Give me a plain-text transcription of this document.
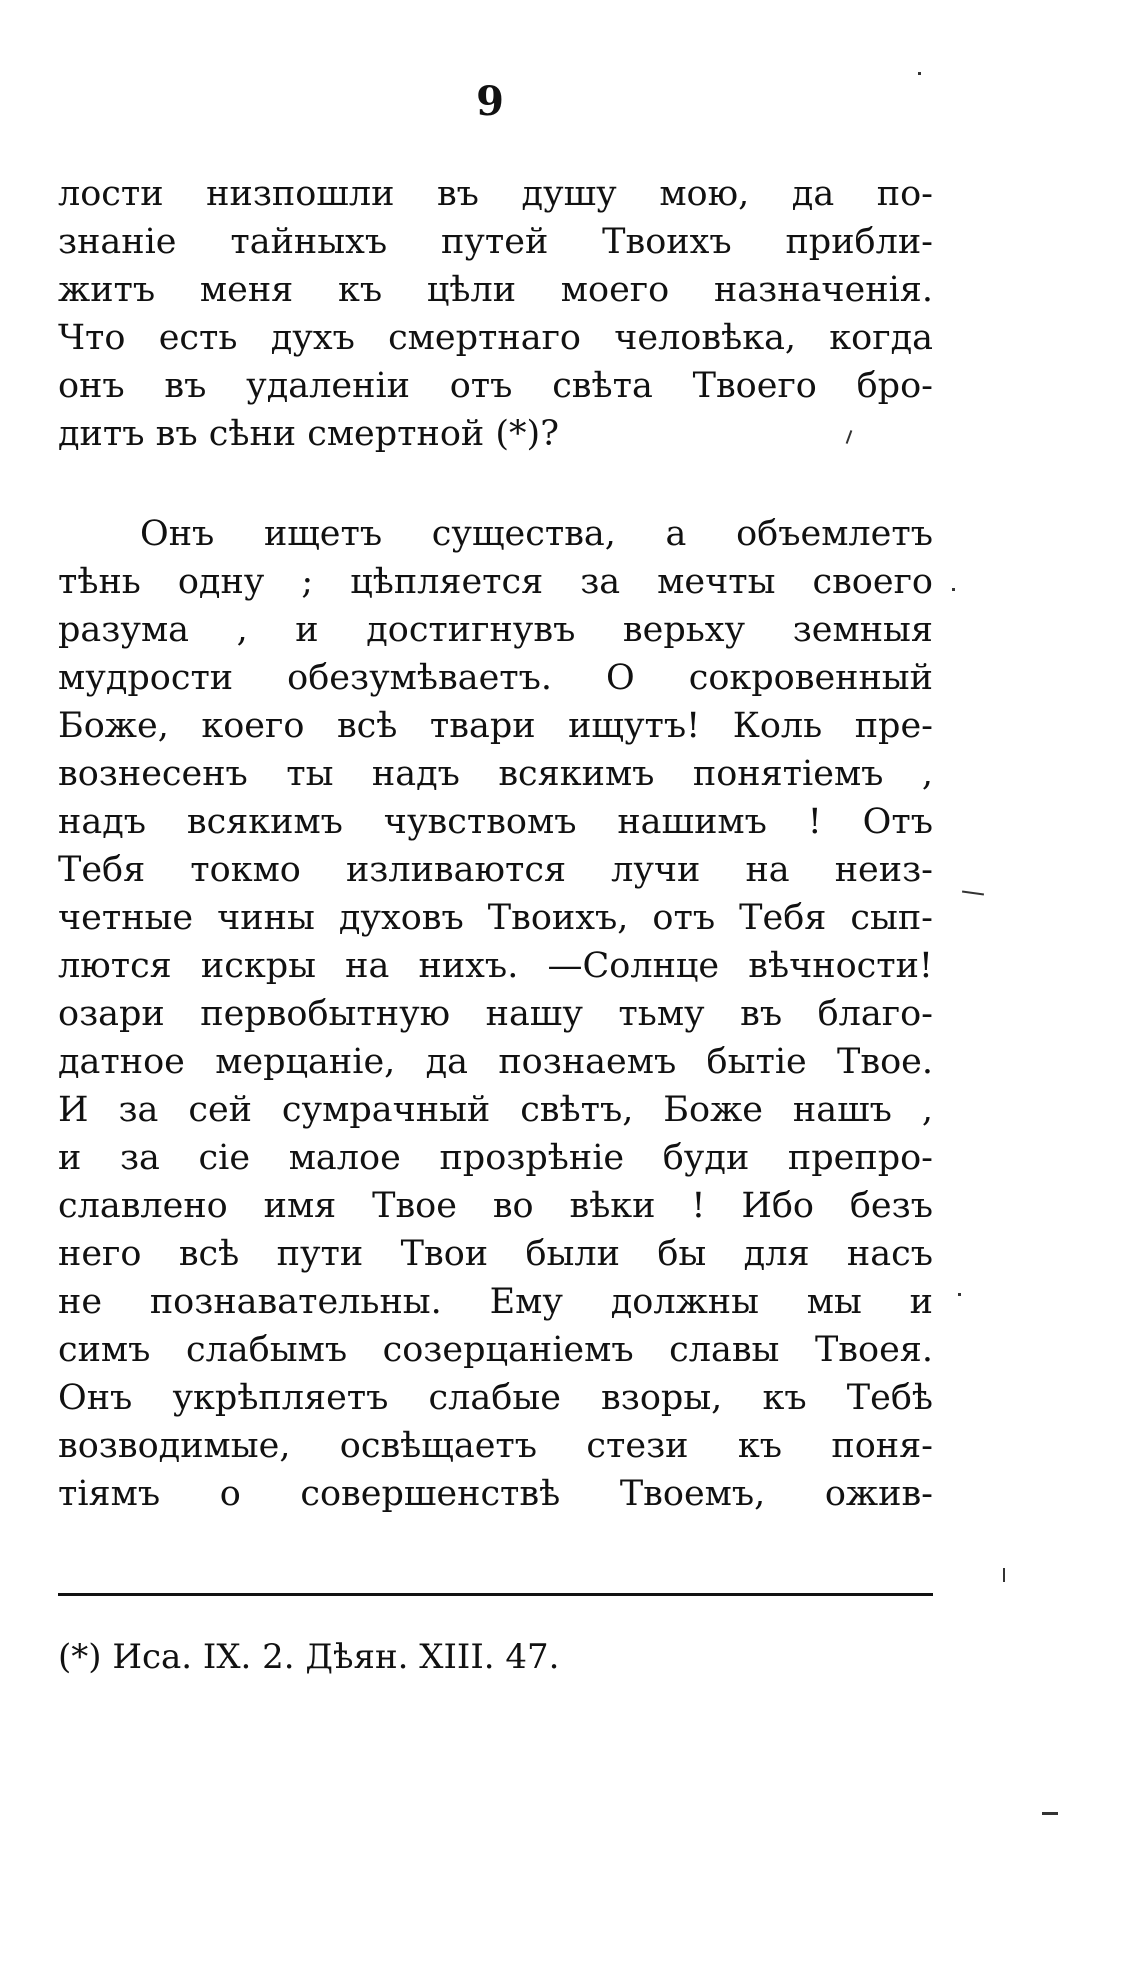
9
лости низпошли въ душу мою, да по-
знаніе тайныхъ путей Твоихъ прибли-
житъ меня къ цѣли моего назначенія.
Что есть духъ смертнаго человѣка, когда
онъ въ удаленіи отъ свѣта Твоего бро-
дитъ въ сѣни смертной (*)?
Онъ ищетъ существа, а объемлетъ
тѣнь одну ; цѣпляется за мечты своего
разума , и достигнувъ верьху земныя
мудрости обезумѣваетъ. О сокровенный
Боже, коего всѣ твари ищутъ! Коль пре-
вознесенъ ты надъ всякимъ понятіемъ ,
надъ всякимъ чувствомъ нашимъ ! Отъ
Тебя токмо изливаются лучи на неиз-
четные чины духовъ Твоихъ, отъ Тебя сып-
лются искры на нихъ. —Солнце вѣчности!
озари первобытную нашу тьму въ благо-
датное мерцаніе, да познаемъ бытіе Твое.
И за сей сумрачный свѣтъ, Боже нашъ ,
и за сіе малое прозрѣніе буди препро-
славлено имя Твое во вѣки ! Ибо безъ
него всѣ пути Твои были бы для насъ
не познавательны. Ему должны мы и
симъ слабымъ созерцаніемъ славы Твоея.
Онъ укрѣпляетъ слабые взоры, къ Тебѣ
возводимые, освѣщаетъ стези къ поня-
тіямъ о совершенствѣ Твоемъ, ожив-
(*) Иса. IX. 2. Дѣян. XIII. 47.
